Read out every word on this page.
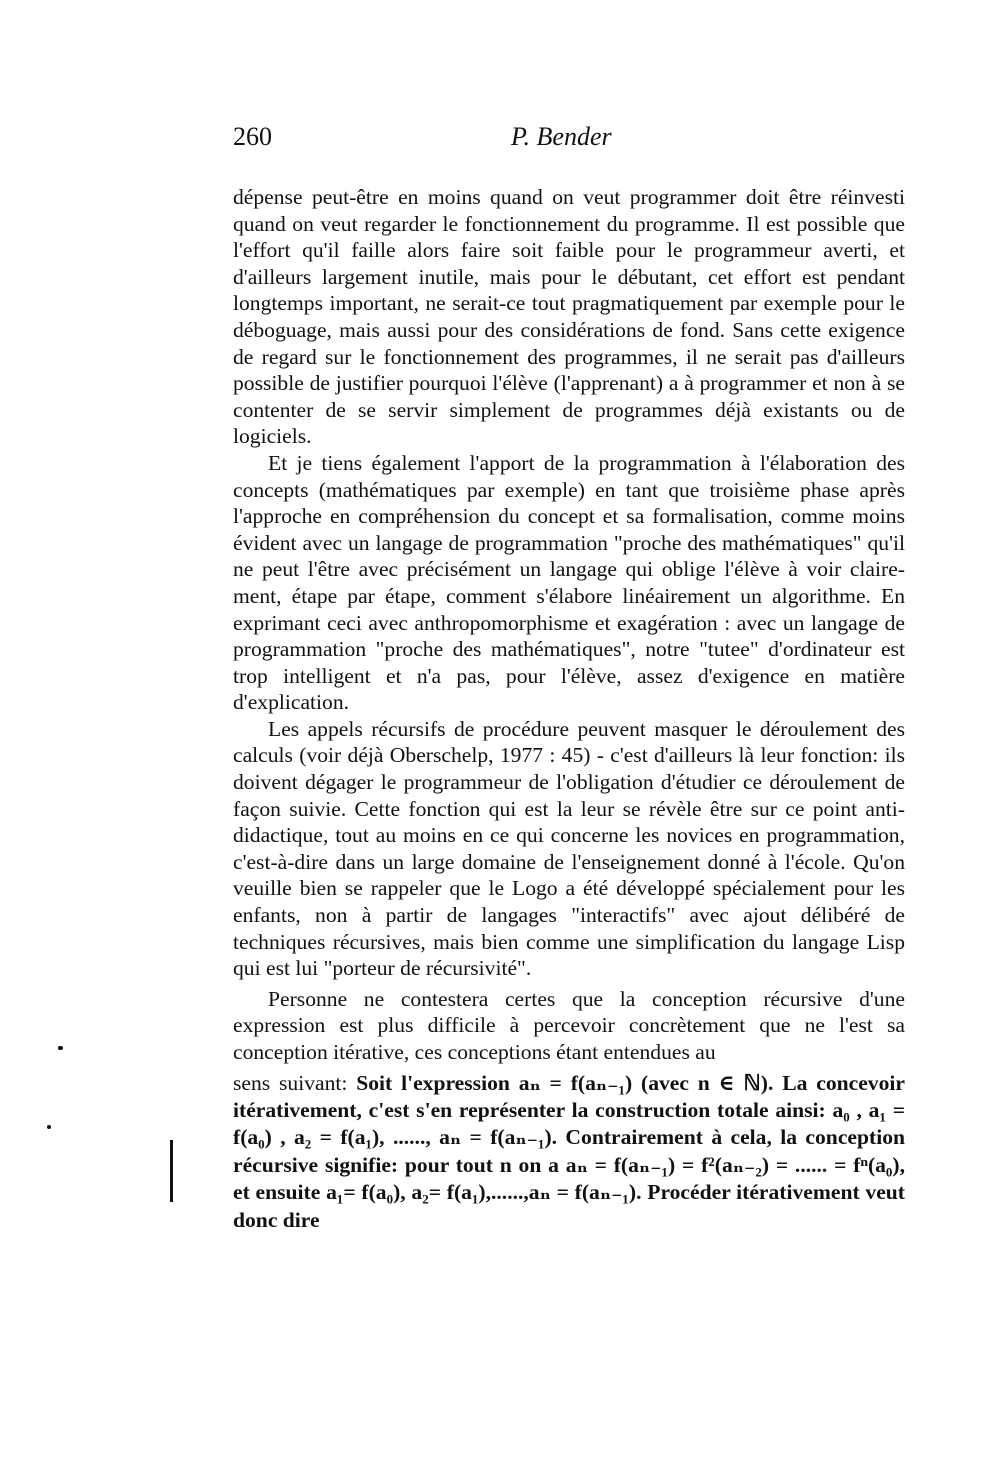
260	P. Bender

dépense peut-être en moins quand on veut programmer doit être réinvesti quand on veut regarder le fonctionnement du programme. Il est possible que l'effort qu'il faille alors faire soit faible pour le programmeur averti, et d'ailleurs largement inutile, mais pour le débutant, cet effort est pendant longtemps important, ne serait-ce tout pragmatiquement par exemple pour le déboguage, mais aussi pour des considérations de fond. Sans cette exigence de regard sur le fonctionnement des programmes, il ne serait pas d'ailleurs possible de justifier pourquoi l'élève (l'apprenant) a à programmer et non à se contenter de se servir simplement de programmes déjà existants ou de logiciels.

Et je tiens également l'apport de la programmation à l'élaboration des concepts (mathématiques par exemple) en tant que troisième phase après l'approche en compréhension du concept et sa formalisation, comme moins évident avec un langage de programmation "proche des mathématiques" qu'il ne peut l'être avec précisément un langage qui oblige l'élève à voir clairement, étape par étape, comment s'élabore linéairement un algorithme. En exprimant ceci avec anthropomorphisme et exagération : avec un langage de programmation "proche des mathématiques", notre "tutee" d'ordinateur est trop intelligent et n'a pas, pour l'élève, assez d'exigence en matière d'explication.

Les appels récursifs de procédure peuvent masquer le déroulement des calculs (voir déjà Oberschelp, 1977 : 45) - c'est d'ailleurs là leur fonction: ils doivent dégager le programmeur de l'obligation d'étudier ce déroulement de façon suivie. Cette fonction qui est la leur se révèle être sur ce point anti-didactique, tout au moins en ce qui concerne les novices en programmation, c'est-à-dire dans un large domaine de l'enseignement donné à l'école. Qu'on veuille bien se rappeler que le Logo a été développé spécialement pour les enfants, non à partir de langages "interactifs" avec ajout délibéré de techniques récursives, mais bien comme une simplification du langage Lisp qui est lui "porteur de récursivité".

Personne ne contestera certes que la conception récursive d'une expression est plus difficile à percevoir concrètement que ne l'est sa conception itérative, ces conceptions étant entendues au

sens suivant: Soit l'expression aₙ = f(aₙ₋₁) (avec n ∈ ℕ). La concevoir itérativement, c'est s'en représenter la construction totale ainsi: a₀ , a₁ = f(a₀) , a₂ = f(a₁), ......, aₙ = f(aₙ₋₁). Contrairement à cela, la conception récursive signifie: pour tout n on a aₙ = f(aₙ₋₁) = f²(aₙ₋₂) = ...... = fⁿ(a₀), et ensuite a₁= f(a₀), a₂= f(a₁),......,aₙ = f(aₙ₋₁). Procéder itérativement veut donc dire
